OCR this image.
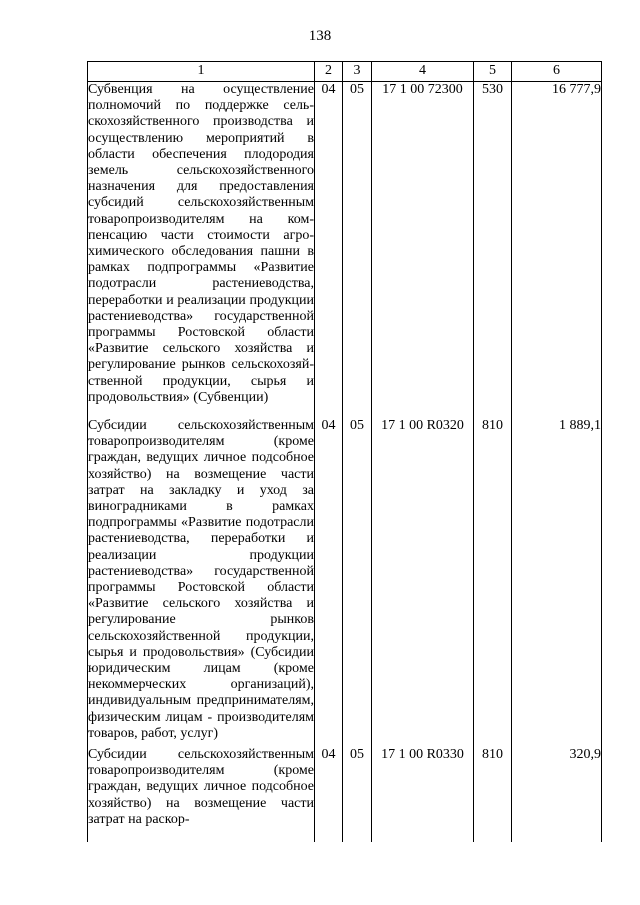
138
1	2	3	4	5	6
Субвенция на осуществление полномочий по поддержке сельскохозяйственного производства и осуществлению мероприятий в области обеспечения плодородия земель сельскохозяйственного назначения для предоставления субсидий сельскохозяйственным товаропроизводителям на компенсацию части стоимости агрохимического обследования пашни в рамках подпрограммы «Развитие подотрасли растениеводства, переработки и реализации продукции растениеводства» государственной программы Ростовской области «Развитие сельского хозяйства и регулирование рынков сельскохозяйственной продукции, сырья и продовольствия» (Субвенции)	04	05	17 1 00 72300	530	16 777,9
Субсидии сельскохозяйственным товаропроизводителям (кроме граждан, ведущих личное подсобное хозяйство) на возмещение части затрат на закладку и уход за виноградниками в рамках подпрограммы «Развитие подотрасли растениеводства, переработки и реализации продукции растениеводства» государственной программы Ростовской области «Развитие сельского хозяйства и регулирование рынков сельскохозяйственной продукции, сырья и продовольствия» (Субсидии юридическим лицам (кроме некоммерческих организаций), индивидуальным предпринимателям, физическим лицам - производителям товаров, работ, услуг)	04	05	17 1 00 R0320	810	1 889,1
Субсидии сельскохозяйственным товаропроизводителям (кроме граждан, ведущих личное подсобное хозяйство) на возмещение части затрат на раскор-	04	05	17 1 00 R0330	810	320,9
